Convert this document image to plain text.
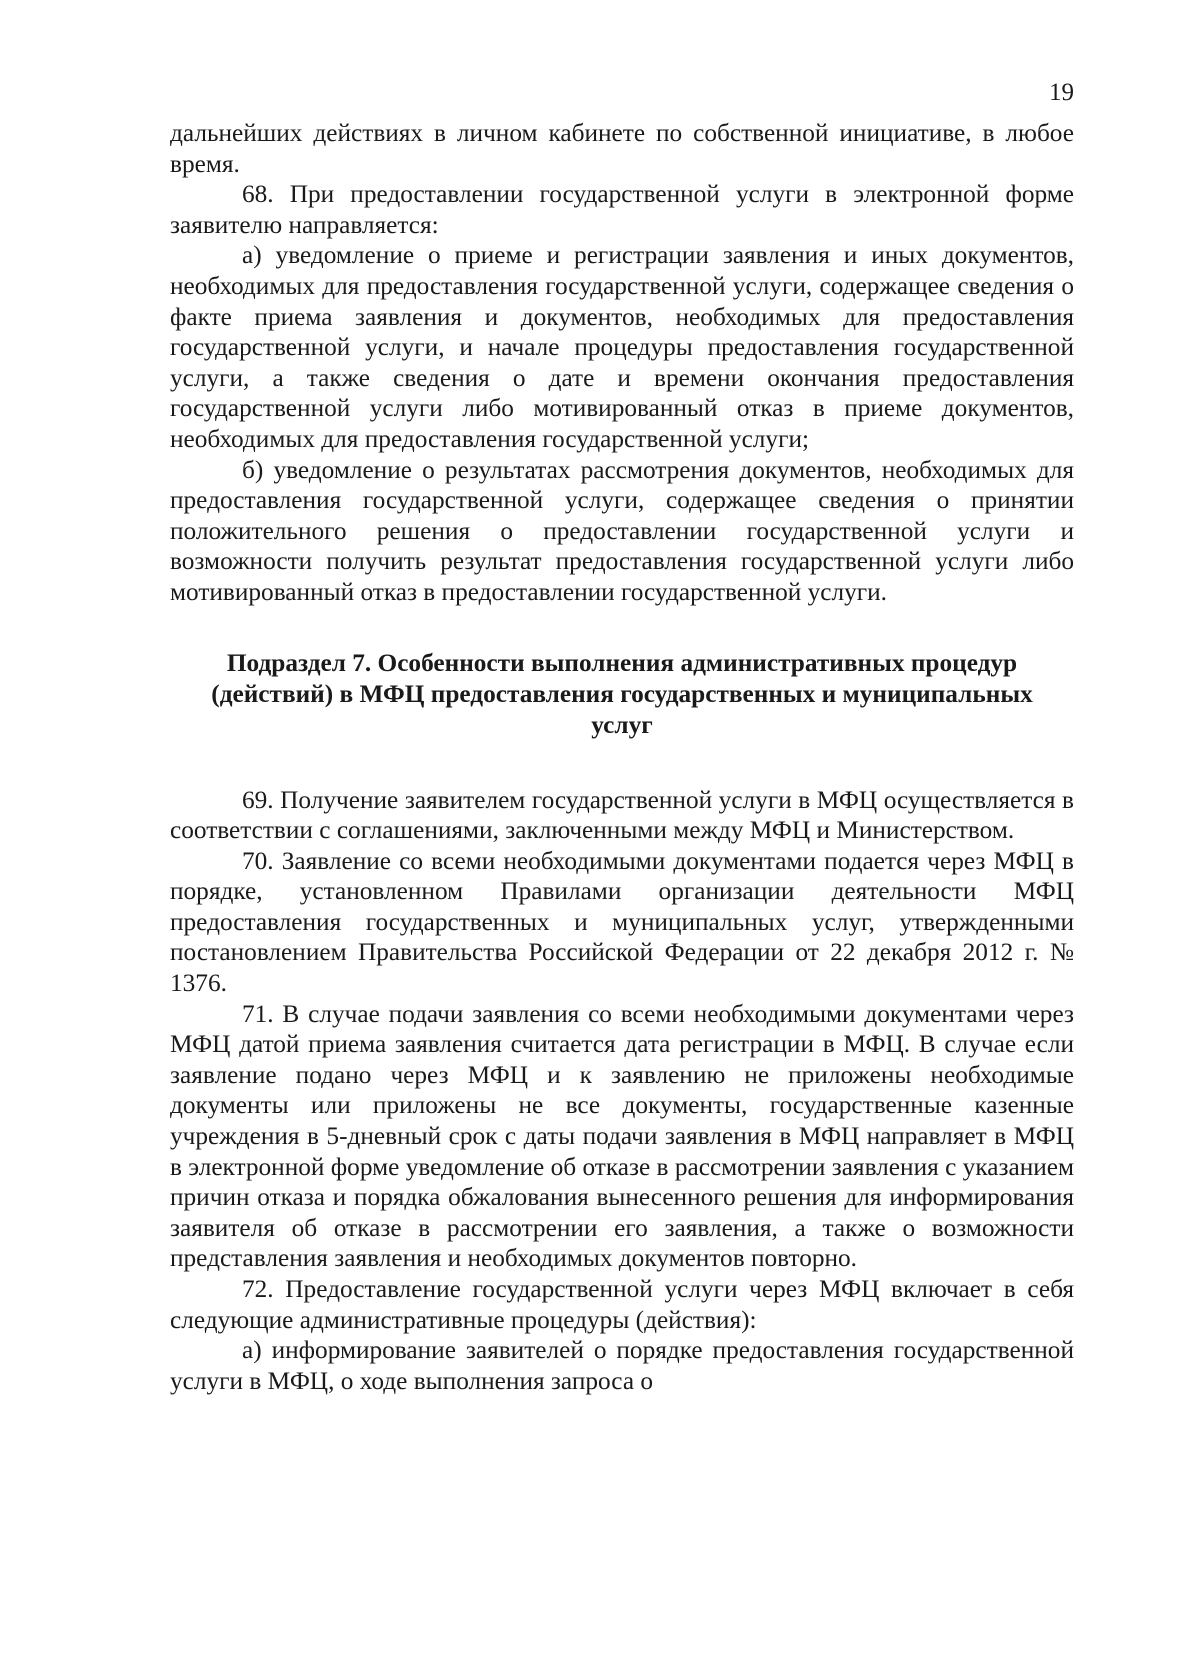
19

дальнейших действиях в личном кабинете по собственной инициативе, в любое время.

68. При предоставлении государственной услуги в электронной форме заявителю направляется:

а) уведомление о приеме и регистрации заявления и иных документов, необходимых для предоставления государственной услуги, содержащее сведения о факте приема заявления и документов, необходимых для предоставления государственной услуги, и начале процедуры предоставления государственной услуги, а также сведения о дате и времени окончания предоставления государственной услуги либо мотивированный отказ в приеме документов, необходимых для предоставления государственной услуги;

б) уведомление о результатах рассмотрения документов, необходимых для предоставления государственной услуги, содержащее сведения о принятии положительного решения о предоставлении государственной услуги и возможности получить результат предоставления государственной услуги либо мотивированный отказ в предоставлении государственной услуги.

Подраздел 7. Особенности выполнения административных процедур
(действий) в МФЦ предоставления государственных и муниципальных
услуг

69. Получение заявителем государственной услуги в МФЦ осуществляется в соответствии с соглашениями, заключенными между МФЦ и Министерством.

70. Заявление со всеми необходимыми документами подается через МФЦ в порядке, установленном Правилами организации деятельности МФЦ предоставления государственных и муниципальных услуг, утвержденными постановлением Правительства Российской Федерации от 22 декабря 2012 г. № 1376.

71. В случае подачи заявления со всеми необходимыми документами через МФЦ датой приема заявления считается дата регистрации в МФЦ. В случае если заявление подано через МФЦ и к заявлению не приложены необходимые документы или приложены не все документы, государственные казенные учреждения в 5-дневный срок с даты подачи заявления в МФЦ направляет в МФЦ в электронной форме уведомление об отказе в рассмотрении заявления с указанием причин отказа и порядка обжалования вынесенного решения для информирования заявителя об отказе в рассмотрении его заявления, а также о возможности представления заявления и необходимых документов повторно.

72. Предоставление государственной услуги через МФЦ включает в себя следующие административные процедуры (действия):

а) информирование заявителей о порядке предоставления государственной услуги в МФЦ, о ходе выполнения запроса о
